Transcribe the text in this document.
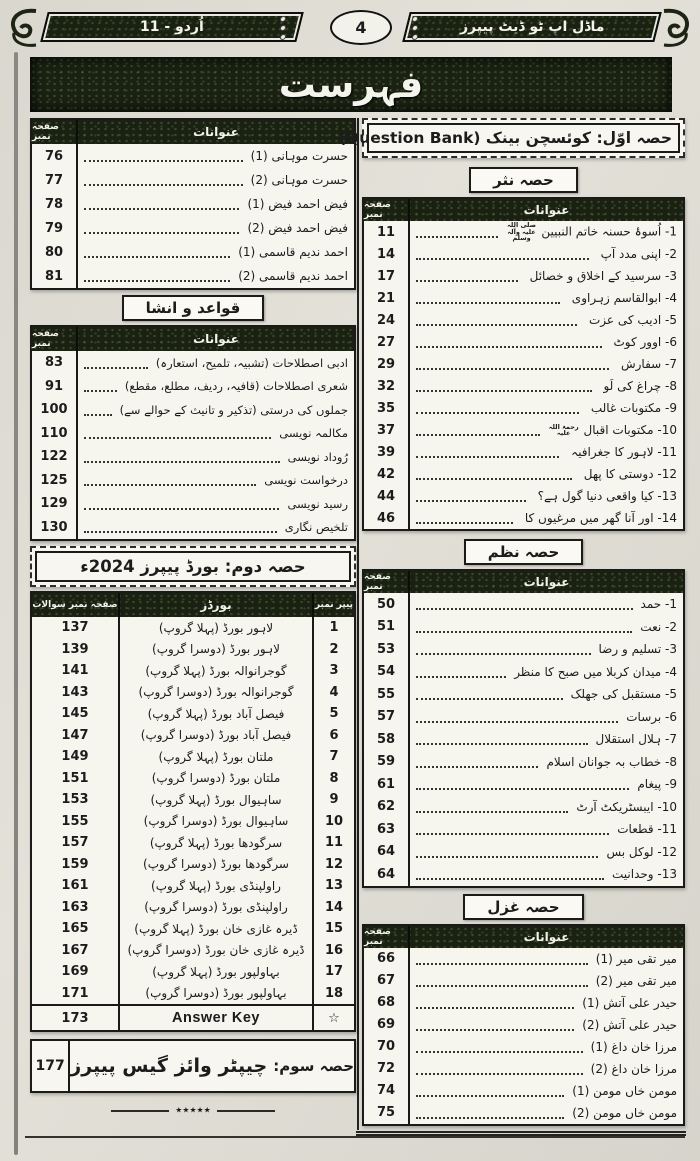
اُردو - 11	4	ماڈل اپ ٹو ڈیٹ پیپرز
فہرست
صفحہ نمبر	عنوانات
76	حسرت موہانی (1)
77	حسرت موہانی (2)
78	فیض احمد فیض (1)
79	فیض احمد فیض (2)
80	احمد ندیم قاسمی (1)
81	احمد ندیم قاسمی (2)
قواعد و انشا
صفحہ نمبر	عنوانات
83	ادبی اصطلاحات (تشبیہ، تلمیح، استعارہ)
91	شعری اصطلاحات (قافیہ، ردیف، مطلع، مقطع)
100	جملوں کی درستی (تذکیر و تانیث کے حوالے سے)
110	مکالمہ نویسی
122	رُوداد نویسی
125	درخواست نویسی
129	رسید نویسی
130	تلخیص نگاری
حصہ دوم: بورڈ پیپرز 2024ء
صفحہ نمبر سوالات	بورڈز	پیپر نمبر
137	لاہور بورڈ (پہلا گروپ)	1
139	لاہور بورڈ (دوسرا گروپ)	2
141	گوجرانوالہ بورڈ (پہلا گروپ)	3
143	گوجرانوالہ بورڈ (دوسرا گروپ)	4
145	فیصل آباد بورڈ (پہلا گروپ)	5
147	فیصل آباد بورڈ (دوسرا گروپ)	6
149	ملتان بورڈ (پہلا گروپ)	7
151	ملتان بورڈ (دوسرا گروپ)	8
153	ساہیوال بورڈ (پہلا گروپ)	9
155	ساہیوال بورڈ (دوسرا گروپ)	10
157	سرگودھا بورڈ (پہلا گروپ)	11
159	سرگودھا بورڈ (دوسرا گروپ)	12
161	راولپنڈی بورڈ (پہلا گروپ)	13
163	راولپنڈی بورڈ (دوسرا گروپ)	14
165	ڈیرہ غازی خان بورڈ (پہلا گروپ)	15
167	ڈیرہ غازی خان بورڈ (دوسرا گروپ)	16
169	بہاولپور بورڈ (پہلا گروپ)	17
171	بہاولپور بورڈ (دوسرا گروپ)	18
173	Answer Key	☆
177	حصہ سوم:
چیپٹر وائز گیس پیپرز
٭٭٭٭٭
حصہ اوّل: کوئسچن بینک (Question Bank)
حصہ نثر
صفحہ نمبر	عنوانات
11	1- اُسوۂ حسنہ خاتم النبیین صلی اللہ علیہ وآلہ وسلم
14	2- اپنی مدد آپ
17	3- سرسید کے اخلاق و خصائل
21	4- ابوالقاسم زہراوی
24	5- ادیب کی عزت
27	6- اوور کوٹ
29	7- سفارش
32	8- چراغ کی لَو
35	9- مکتوبات غالب
37	10- مکتوبات اقبال رحمۃ اللہ علیہ
39	11- لاہور کا جغرافیہ
42	12- دوستی کا پھل
44	13- کیا واقعی دنیا گول ہے؟
46	14- اور آنا گھر میں مرغیوں کا
حصہ نظم
صفحہ نمبر	عنوانات
50	1- حمد
51	2- نعت
53	3- تسلیم و رضا
54	4- میدان کربلا میں صبح کا منظر
55	5- مستقبل کی جھلک
57	6- برسات
58	7- ہلال استقلال
59	8- خطاب بہ جوانان اسلام
61	9- پیغام
62	10- ایبسٹریکٹ آرٹ
63	11- قطعات
64	12- لوکل بس
64	13- وحدانیت
حصہ غزل
صفحہ نمبر	عنوانات
66	میر تقی میر (1)
67	میر تقی میر (2)
68	حیدر علی آتش (1)
69	حیدر علی آتش (2)
70	مرزا خان داغ (1)
72	مرزا خان داغ (2)
74	مومن خاں مومن (1)
75	مومن خاں مومن (2)
